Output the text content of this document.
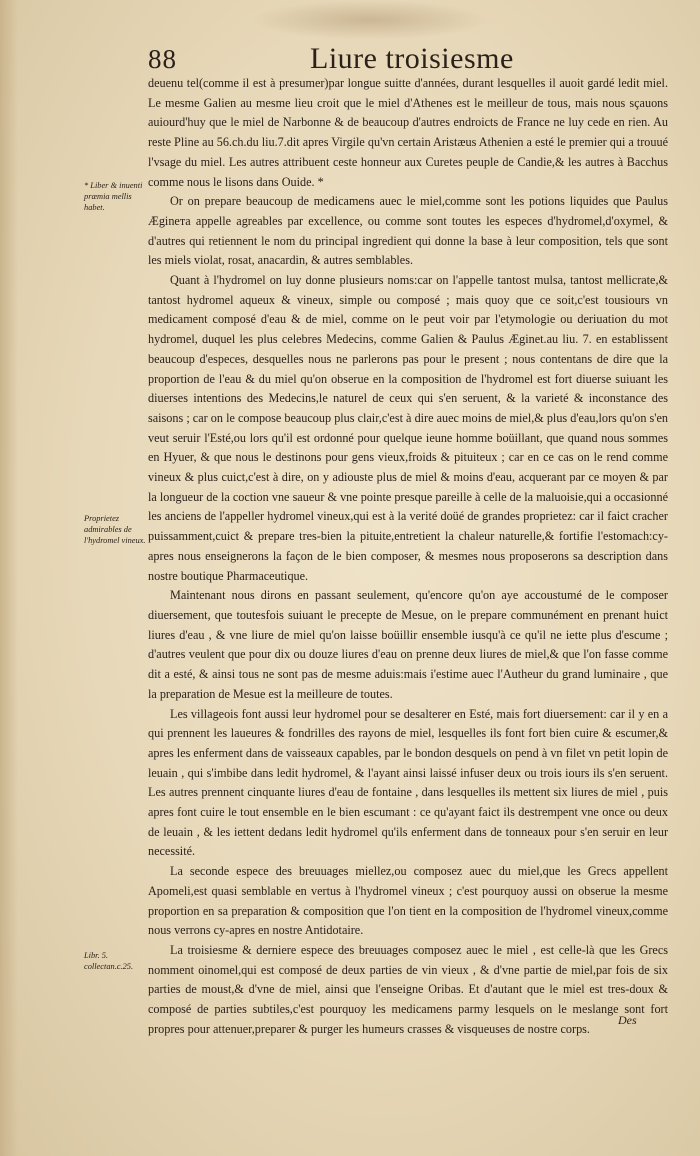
88	Liure troisiesme
* Liber & inuenti præmia mellis habet.
Proprietez admirables de l'hydromel vineux.
Libr. 5. collectan.c.25.

deuenu tel(comme il est à presumer)par longue suitte d'années, durant lesquelles il auoit gardé ledit miel. Le mesme Galien au mesme lieu croit que le miel d'Athenes est le meilleur de tous, mais nous sçauons auiourd'huy que le miel de Narbonne & de beaucoup d'autres endroicts de France ne luy cede en rien. Au reste Pline au 56.ch.du liu.7.dit apres Virgile qu'vn certain Aristæus Athenien a esté le premier qui a trouué l'vsage du miel. Les autres attribuent ceste honneur aux Curetes peuple de Candie,& les autres à Bacchus comme nous le lisons dans Ouide. *

Or on prepare beaucoup de medicamens auec le miel,comme sont les potions liquides que Paulus Æginета appelle agreables par excellence, ou comme sont toutes les especes d'hydromel,d'oxymel, & d'autres qui retiennent le nom du principal ingredient qui donne la base à leur composition, tels que sont les miels violat, rosat, anacardin, & autres semblables.

Quant à l'hydromel on luy donne plusieurs noms:car on l'appelle tantost mulsa, tantost mellicrate,& tantost hydromel aqueux & vineux, simple ou composé ; mais quoy que ce soit,c'est tousiours vn medicament composé d'eau & de miel, comme on le peut voir par l'etymologie ou deriuation du mot hydromel, duquel les plus celebres Medecins, comme Galien & Paulus Æginet.au liu. 7. en establissent beaucoup d'especes, desquelles nous ne parlerons pas pour le present ; nous contentans de dire que la proportion de l'eau & du miel qu'on obserue en la composition de l'hydromel est fort diuerse suiuant les diuerses intentions des Medecins,le naturel de ceux qui s'en seruent, & la varieté & inconstance des saisons ; car on le compose beaucoup plus clair,c'est à dire auec moins de miel,& plus d'eau,lors qu'on s'en veut seruir l'Esté,ou lors qu'il est ordonné pour quelque ieune homme boüillant, que quand nous sommes en Hyuer, & que nous le destinons pour gens vieux,froids & pituiteux ; car en ce cas on le rend comme vineux & plus cuict,c'est à dire, on y adiouste plus de miel & moins d'eau, acquerant par ce moyen & par la longueur de la coction vne saueur & vne pointe presque pareille à celle de la maluoisie,qui a occasionné les anciens de l'appeller hydromel vineux,qui est à la verité doüé de grandes proprietez: car il faict cracher puissamment,cuict & prepare tres-bien la pituite,entretient la chaleur naturelle,& fortifie l'estomach:cy-apres nous enseignerons la façon de le bien composer, & mesmes nous proposerons sa description dans nostre boutique Pharmaceutique.

Maintenant nous dirons en passant seulement, qu'encore qu'on aye accoustumé de le composer diuersement, que toutesfois suiuant le precepte de Mesue, on le prepare communément en prenant huict liures d'eau , & vne liure de miel qu'on laisse boüillir ensemble iusqu'à ce qu'il ne iette plus d'escume ; d'autres veulent que pour dix ou douze liures d'eau on prenne deux liures de miel,& que l'on fasse comme dit a esté, & ainsi tous ne sont pas de mesme aduis:mais i'estime auec l'Autheur du grand luminaire , que la preparation de Mesue est la meilleure de toutes.

Les villageois font aussi leur hydromel pour se desalterer en Esté, mais fort diuersement: car il y en a qui prennent les laueures & fondrilles des rayons de miel, lesquelles ils font fort bien cuire & escumer,& apres les enferment dans de vaisseaux capables, par le bondon desquels on pend à vn filet vn petit lopin de leuain , qui s'imbibe dans ledit hydromel, & l'ayant ainsi laissé infuser deux ou trois iours ils s'en seruent. Les autres prennent cinquante liures d'eau de fontaine , dans lesquelles ils mettent six liures de miel , puis apres font cuire le tout ensemble en le bien escumant : ce qu'ayant faict ils destrempent vne once ou deux de leuain , & les iettent dedans ledit hydromel qu'ils enferment dans de tonneaux pour s'en seruir en leur necessité.

La seconde espece des breuuages miellez,ou composez auec du miel,que les Grecs appellent Apomeli,est quasi semblable en vertus à l'hydromel vineux ; c'est pourquoy aussi on obserue la mesme proportion en sa preparation & composition que l'on tient en la composition de l'hydromel vineux,comme nous verrons cy-apres en nostre Antidotaire.

La troisiesme & derniere espece des breuuages composez auec le miel , est celle-là que les Grecs nomment oinomel,qui est composé de deux parties de vin vieux , & d'vne partie de miel,par fois de six parties de moust,& d'vne de miel, ainsi que l'enseigne Oribas. Et d'autant que le miel est tres-doux & composé de parties subtiles,c'est pourquoy les medicamens parmy lesquels on le meslange sont fort propres pour attenuer,preparer & purger les humeurs crasses & visqueuses de nostre corps.

Des
